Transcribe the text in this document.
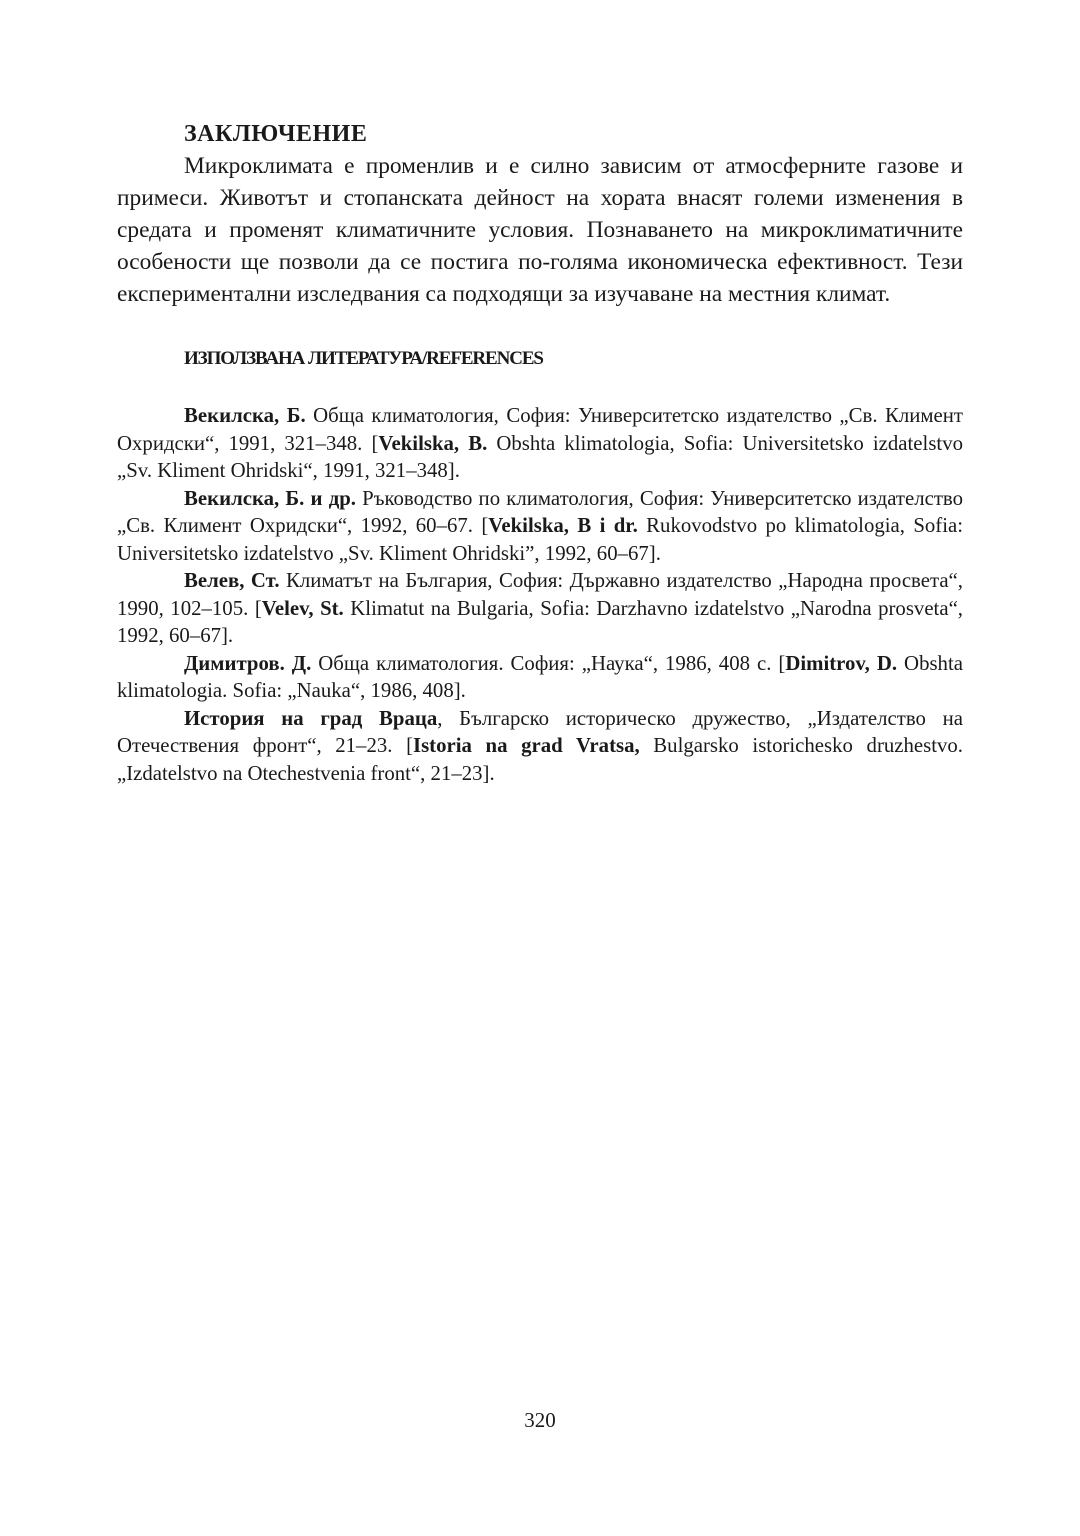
ЗАКЛЮЧЕНИЕ

Микроклимата е променлив и е силно зависим от атмосферните газове и примеси. Животът и стопанската дейност на хората внасят големи изменения в средата и променят климатичните условия. Познаването на микроклиматичните особености ще позволи да се постига по-голяма икономическа ефективност. Тези експериментални изследвания са подходящи за изучаване на местния климат.

ИЗПОЛЗВАНА ЛИТЕРАТУРА/REFERENCES

Векилска, Б. Обща климатология, София: Университетско издателство „Св. Климент Охридски“, 1991, 321–348. [Vekilska, B. Obshta klimatologia, Sofia: Universitetsko izdatelstvo „Sv. Kliment Ohridski“, 1991, 321–348].

Векилска, Б. и др. Ръководство по климатология, София: Университетско издателство „Св. Климент Охридски“, 1992, 60–67. [Vekilska, B i dr. Rukovodstvo po klimatologia, Sofia: Universitetsko izdatelstvo „Sv. Kliment Ohridski”, 1992, 60–67].

Велев, Ст. Климатът на България, София: Държавно издателство „Народна просвета“, 1990, 102–105. [Velev, St. Klimatut na Bulgaria, Sofia: Darzhavno izdatelstvo „Narodna prosveta“, 1992, 60–67].

Димитров. Д. Обща климатология. София: „Наука“, 1986, 408 с. [Dimitrov, D. Obshta klimatologia. Sofia: „Nauka“, 1986, 408].

История на град Враца, Българско историческо дружество, „Издателство на Отечествения фронт“, 21–23. [Istoria na grad Vratsa, Bulgarsko istorichesko druzhestvo. „Izdatelstvo na Otechestvenia front“, 21–23].

320
